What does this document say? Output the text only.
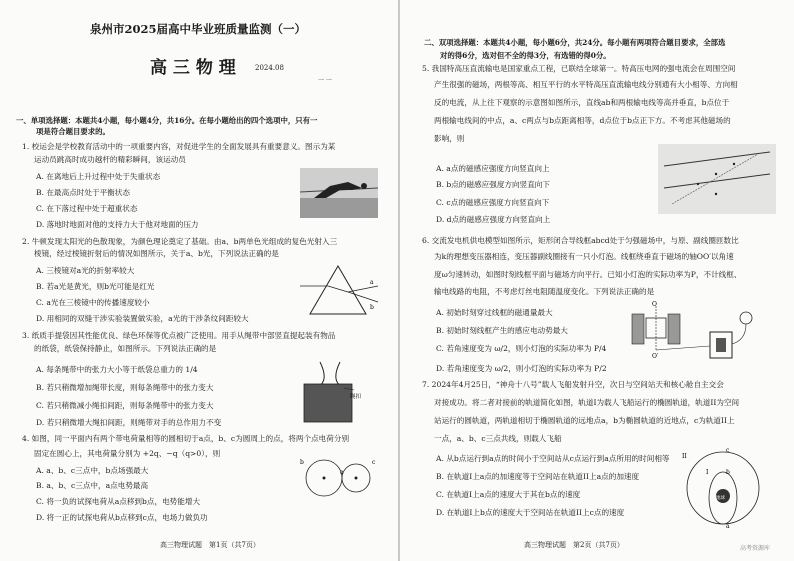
泉州市2025届高中毕业班质量监测（一）
2024.08
高 三 物 理
一 一
一、单项选择题：本题共4小题，每小题4分，共16分。在每小题给出的四个选项中，只有一
项是符合题目要求的。
1. 校运会是学校教育活动中的一项重要内容，对促进学生的全面发展具有重要意义。图示为某
运动员跳高时成功越杆的精彩瞬间，该运动员
A. 在离地后上升过程中处于失重状态
B. 在最高点时处于平衡状态
C. 在下落过程中处于超重状态
D. 落地时地面对他的支持力大于他对地面的压力
2. 牛顿发现太阳光的色散现象，为颜色理论奠定了基础。由a、b两单色光组成的复色光射入三
棱镜，经过棱镜折射后的情况如图所示，关于a、b光，下列说法正确的是
A. 三棱镜对a光的折射率较大
B. 若a光是黄光，则b光可能是红光
C. a光在三棱镜中的传播速度较小
D. 用相同的双缝干涉实验装置做实验，a光的干涉条纹间距较大
a
b
3. 纸质手提袋因其性能优良、绿色环保等优点被广泛使用。用手从绳带中部竖直提起装有物品
的纸袋，纸袋保持静止，如图所示。下列说法正确的是
A. 每条绳带中的张力大小等于纸袋总重力的 1/4
B. 若只稍微增加绳带长度，则每条绳带中的张力变大
C. 若只稍微减小绳扣间距，则每条绳带中的张力变大
D. 若只稍微增大绳扣间距，则绳带对手的总作用力不变
绳扣
4. 如图，同一平面内有两个带电荷量相等的圆相切于a点，b、c为圆周上的点，将两个点电荷分别
固定在圆心上，其电荷量分别为 +2q、−q（q>0），则
A. a、b、c三点中，b点场强最大
B. a、b、c三点中，a点电势最高
C. 将一负的试探电荷从a点移到b点，电势能增大
D. 将一正的试探电荷从b点移到c点，电场力做负功
b
a
c
高三物理试题　第1页（共7页）
二、双项选择题：本题共4小题，每小题6分，共24分。每小题有两项符合题目要求，全部选
对的得6分，选对但不全的得3分，有选错的得0分。
5. 我国特高压直流输电是国家重点工程，已联结全球第一。特高压电网的强电流会在周围空间
产生很强的磁场，两根等高、相互平行的水平特高压直流输电线分别通有大小相等、方向相
反的电流，从上往下观察的示意图如图所示，直线ab和两根输电线等高并垂直，b点位于
两根输电线间的中点，a、c两点与b点距离相等，d点位于b点正下方。不考虑其他磁场的
影响，则
A. a点的磁感应强度方向竖直向上
B. b点的磁感应强度方向竖直向下
C. c点的磁感应强度方向竖直向下
D. d点的磁感应强度方向竖直向上
6. 交流发电机供电模型如图所示，矩形闭合导线框abcd处于匀强磁场中，与原、副线圈匝数比
为k的理想变压器相连，变压器副线圈接有一只小灯泡。线框绕垂直于磁场的轴OO′以角速
度ω匀速转动，如图时刻线框平面与磁场方向平行。已知小灯泡的实际功率为P，不计线框、
输电线路的电阻，不考虑灯丝电阻随温度变化。下列说法正确的是
A. 初始时刻穿过线框的磁通量最大
B. 初始时刻线框产生的感应电动势最大
C. 若角速度变为 ω/2，则小灯泡的实际功率为 P/4
D. 若角速度变为 ω/2，则小灯泡的实际功率为 P/2
O
O′
7. 2024年4月25日，“神舟十八号”载人飞船发射升空，次日与空间站天和核心舱自主交会
对接成功。将二者对接前的轨道简化如图，轨道I为载人飞船运行的椭圆轨道，轨道II为空间
站运行的圆轨道，两轨道相切于椭圆轨道的远地点a，b为椭圆轨道的近地点，c为轨道II上
一点，a、b、c三点共线，则载人飞船
A. 从b点运行到a点的时间小于空间站从c点运行到a点所用的时间相等
B. 在轨道I上a点的加速度等于空间站在轨道II上a点的加速度
C. 在轨道I上a点的速度大于其在b点的速度
D. 在轨道I上b点的速度大于空间站在轨道II上c点的速度
地球
II
I
a
b
c
高三物理试题　第2页（共7页）	高考资源库
